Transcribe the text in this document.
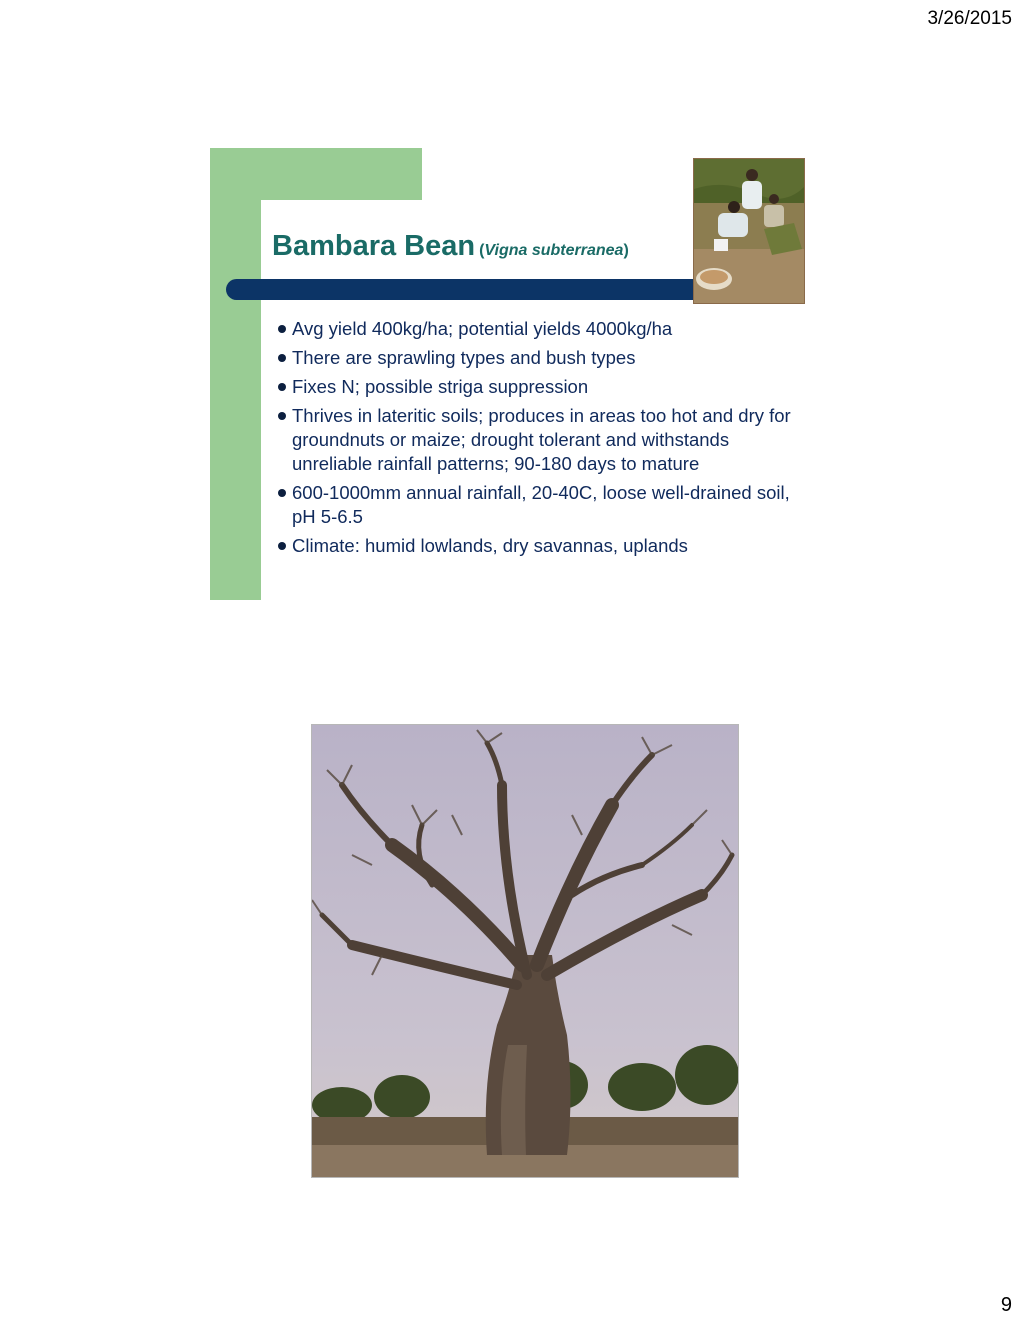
3/26/2015
Bambara Bean (Vigna subterranea)
Avg yield 400kg/ha; potential yields 4000kg/ha
There are sprawling types and bush types
Fixes N; possible striga suppression
Thrives in lateritic soils; produces in areas too hot and dry for groundnuts or maize; drought tolerant and withstands unreliable rainfall patterns; 90-180 days to mature
600-1000mm annual rainfall, 20-40C, loose well-drained soil, pH 5-6.5
Climate: humid lowlands, dry savannas, uplands
9
